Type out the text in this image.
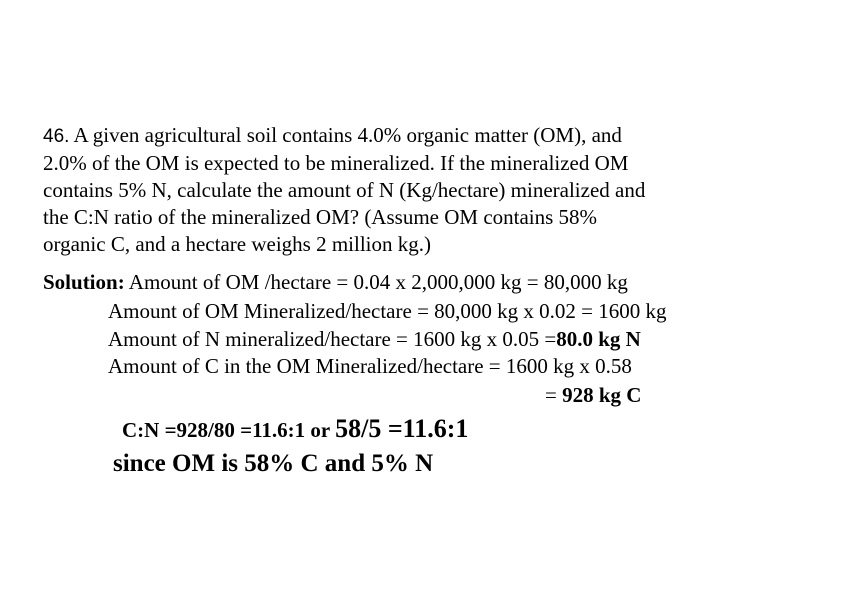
46. A given agricultural soil contains 4.0% organic matter (OM), and
2.0% of the OM is expected to be mineralized. If the mineralized OM
contains 5% N, calculate the amount of N (Kg/hectare) mineralized and
the C:N ratio of the mineralized OM? (Assume OM contains 58%
organic C, and a hectare weighs 2 million kg.)
Solution: Amount of OM /hectare = 0.04 x 2,000,000 kg = 80,000 kg
Amount of OM Mineralized/hectare = 80,000 kg x 0.02 = 1600 kg
Amount of N mineralized/hectare = 1600 kg x 0.05 =80.0 kg N
Amount of C in the OM Mineralized/hectare = 1600 kg x 0.58
= 928 kg C
C:N =928/80 =11.6:1 or 58/5 =11.6:1
since OM is 58% C and 5% N
